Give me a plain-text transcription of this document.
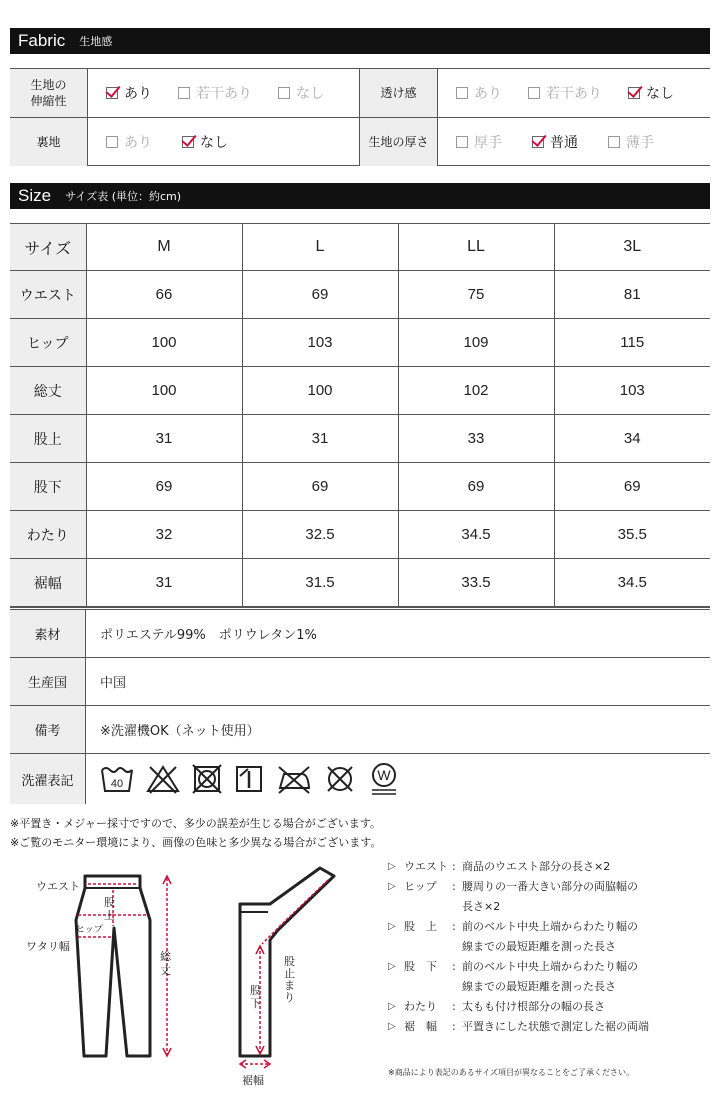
Fabric 生地感
生地の
伸縮性	あり	若干あり	なし	透け感	あり	若干あり	なし
裏地	あり	なし	生地の厚さ	厚手	普通	薄手
Size サイズ表 (単位：約cm)
サイズ	M	L	LL	3L
ウエスト	66	69	75	81
ヒップ	100	103	109	115
総丈	100	100	102	103
股上	31	31	33	34
股下	69	69	69	69
わたり	32	32.5	34.5	35.5
裾幅	31	31.5	33.5	34.5
素材	ポリエステル99%　ポリウレタン1%
生産国	中国
備考	※洗濯機OK（ネット使用）
洗濯表記	40
W
※平置き・メジャー採寸ですので、多少の誤差が生じる場合がございます。
※ご覧のモニター環境により、画像の色味と多少異なる場合がございます。
ウエスト
股
上
ヒップ
ワタリ幅
総
丈
股
下
股
止
まり
裾幅
▷ ウエスト : 商品のウエスト部分の長さ×2
▷ ヒップ	: 腰周りの一番大きい部分の両脇幅の
長さ×2
▷ 股　上	: 前のベルト中央上端からわたり幅の
線までの最短距離を測った長さ
▷ 股　下	: 前のベルト中央上端からわたり幅の
線までの最短距離を測った長さ
▷ わたり	: 太もも付け根部分の幅の長さ
▷ 裾　幅	: 平置きにした状態で測定した裾の両端
※商品により表記のあるサイズ項目が異なることをご了承ください。
